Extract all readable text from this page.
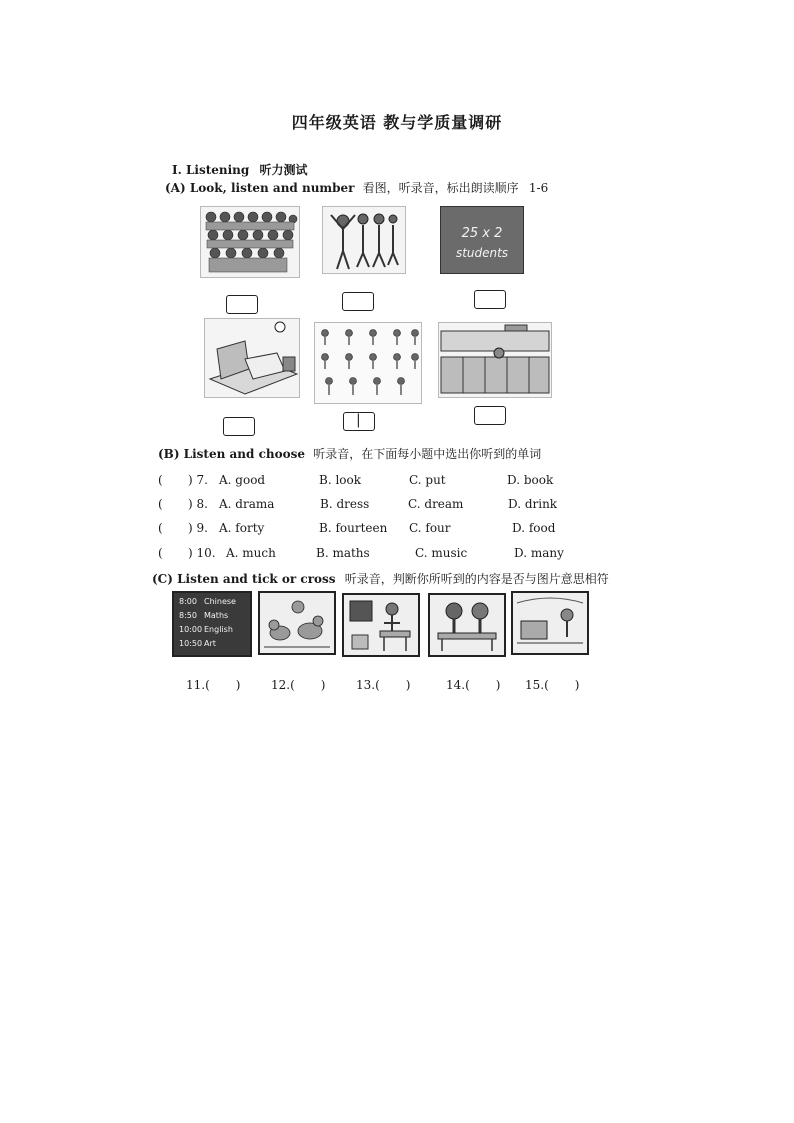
四年级英语 教与学质量调研
I. Listening 听力测试
(A) Look, listen and number 看图，听录音，标出朗读顺序 1-6
25 x 2
students
|
(B) Listen and choose 听录音，在下面每小题中选出你听到的单词
( ) 7. A. good	B. look	C. put	D. book
( ) 8. A. drama	B. dress	C. dream	D. drink
( ) 9. A. forty	B. fourteen C. four	D. food
( ) 10. A. much	B. maths	C. music	D. many
(C) Listen and tick or cross 听录音，判断你所听到的内容是否与图片意思相符
8:00 Chinese
8:50 Maths
10:00 English
10:50 Art
11.( )	12.( )	13.( )	14.( ) 15.( )
